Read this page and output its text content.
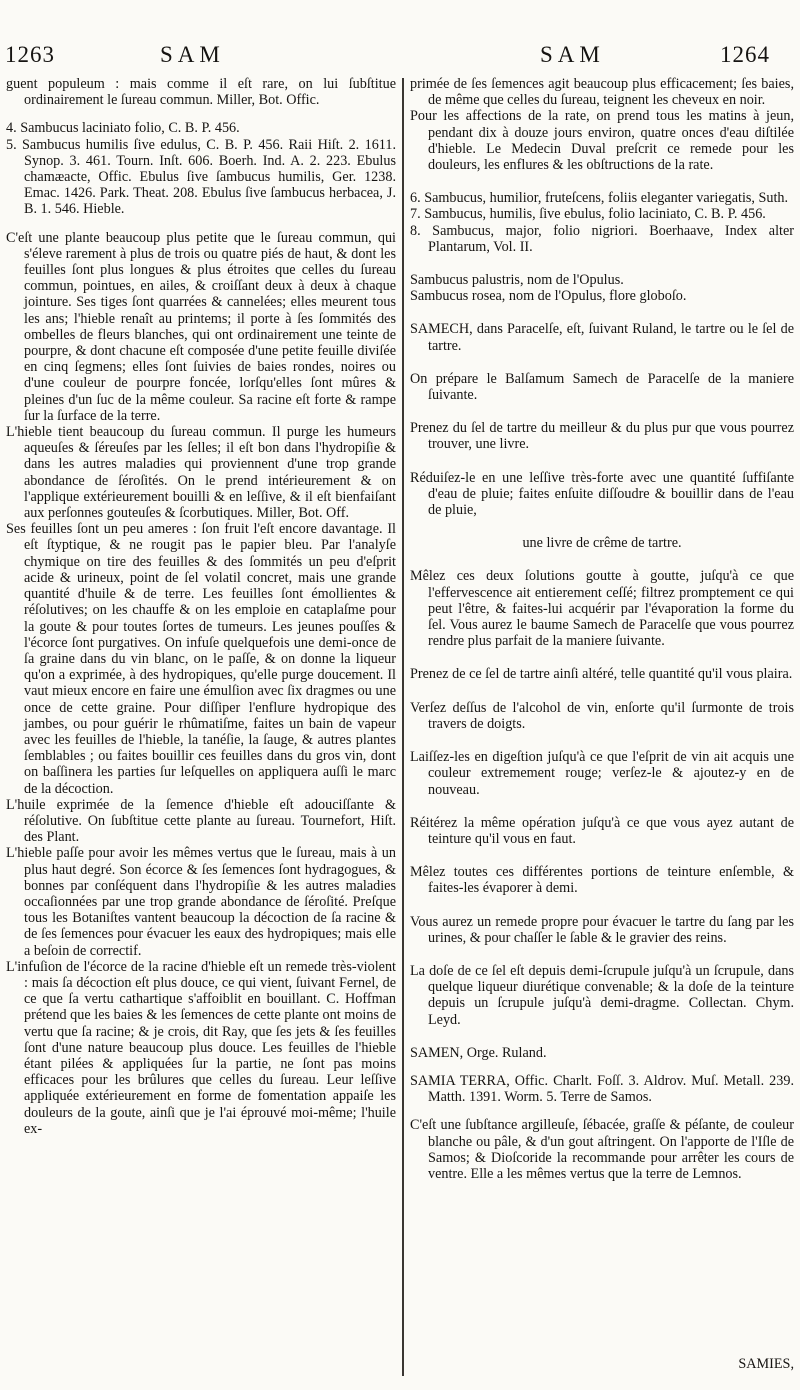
1263	SAM	SAM	1264

guent populeum : mais comme il eſt rare, on lui ſubſtitue ordinairement le ſureau commun. Miller, Bot. Offic.

4. Sambucus laciniato folio, C. B. P. 456.

5. Sambucus humilis ſive edulus, C. B. P. 456. Raii Hiſt. 2. 1611. Synop. 3. 461. Tourn. Inſt. 606. Boerh. Ind. A. 2. 223. Ebulus chamæacte, Offic. Ebulus ſive ſambucus humilis, Ger. 1238. Emac. 1426. Park. Theat. 208. Ebulus ſive ſambucus herbacea, J. B. 1. 546. Hieble.

C'eſt une plante beaucoup plus petite que le ſureau commun, qui s'éleve rarement à plus de trois ou quatre piés de haut, & dont les feuilles ſont plus longues & plus étroites que celles du ſureau commun, pointues, en ailes, & croiſſant deux à deux à chaque jointure. Ses tiges ſont quarrées & cannelées; elles meurent tous les ans; l'hieble renaît au printems; il porte à ſes ſommités des ombelles de fleurs blanches, qui ont ordinairement une teinte de pourpre, & dont chacune eſt composée d'une petite feuille diviſée en cinq ſegmens; elles ſont ſuivies de baies rondes, noires ou d'une couleur de pourpre foncée, lorſqu'elles ſont mûres & pleines d'un ſuc de la même couleur. Sa racine eſt forte & rampe ſur la ſurface de la terre.

L'hieble tient beaucoup du ſureau commun. Il purge les humeurs aqueuſes & ſéreuſes par les ſelles; il eſt bon dans l'hydropiſie & dans les autres maladies qui proviennent d'une trop grande abondance de ſéroſités. On le prend intérieurement & on l'applique extérieurement bouilli & en leſſive, & il eſt bienfaiſant aux perſonnes gouteuſes & ſcorbutiques. Miller, Bot. Off.

Ses feuilles ſont un peu ameres : ſon fruit l'eſt encore davantage. Il eſt ſtyptique, & ne rougit pas le papier bleu. Par l'analyſe chymique on tire des feuilles & des ſommités un peu d'eſprit acide & urineux, point de ſel volatil concret, mais une grande quantité d'huile & de terre. Les feuilles ſont émollientes & réſolutives; on les chauffe & on les emploie en cataplaſme pour la goute & pour toutes ſortes de tumeurs. Les jeunes pouſſes & l'écorce ſont purgatives. On infuſe quelquefois une demi-once de ſa graine dans du vin blanc, on le paſſe, & on donne la liqueur qu'on a exprimée, à des hydropiques, qu'elle purge doucement. Il vaut mieux encore en faire une émulſion avec ſix dragmes ou une once de cette graine. Pour diſſiper l'enflure hydropique des jambes, ou pour guérir le rhûmatiſme, faites un bain de vapeur avec les feuilles de l'hieble, la tanéſie, la ſauge, & autres plantes ſemblables ; ou faites bouillir ces feuilles dans du gros vin, dont on baſſinera les parties ſur leſquelles on appliquera auſſi le marc de la décoction.

L'huile exprimée de la ſemence d'hieble eſt adouciſſante & réſolutive. On ſubſtitue cette plante au ſureau. Tournefort, Hiſt. des Plant.

L'hieble paſſe pour avoir les mêmes vertus que le ſureau, mais à un plus haut degré. Son écorce & ſes ſemences ſont hydragogues, & bonnes par conſéquent dans l'hydropiſie & les autres maladies occaſionnées par une trop grande abondance de ſéroſité. Preſque tous les Botaniſtes vantent beaucoup la décoction de ſa racine & de ſes ſemences pour évacuer les eaux des hydropiques; mais elle a beſoin de correctif.

L'infuſion de l'écorce de la racine d'hieble eſt un remede très-violent : mais ſa décoction eſt plus douce, ce qui vient, ſuivant Fernel, de ce que ſa vertu cathartique s'affoiblit en bouillant. C. Hoffman prétend que les baies & les ſemences de cette plante ont moins de vertu que ſa racine; & je crois, dit Ray, que ſes jets & ſes feuilles ſont d'une nature beaucoup plus douce. Les feuilles de l'hieble étant pilées & appliquées ſur la partie, ne ſont pas moins efficaces pour les brûlures que celles du ſureau. Leur leſſive appliquée extérieurement en forme de fomentation appaiſe les douleurs de la goute, ainſi que je l'ai éprouvé moi-même; l'huile ex-

primée de ſes ſemences agit beaucoup plus efficacement; ſes baies, de même que celles du ſureau, teignent les cheveux en noir.

Pour les affections de la rate, on prend tous les matins à jeun, pendant dix à douze jours environ, quatre onces d'eau diſtilée d'hieble. Le Medecin Duval preſcrit ce remede pour les douleurs, les enflures & les obſtructions de la rate.

6. Sambucus, humilior, fruteſcens, foliis eleganter variegatis, Suth.

7. Sambucus, humilis, ſive ebulus, folio laciniato, C. B. P. 456.

8. Sambucus, major, folio nigriori. Boerhaave, Index alter Plantarum, Vol. II.

Sambucus palustris, nom de l'Opulus.

Sambucus rosea, nom de l'Opulus, flore globoſo.

SAMECH, dans Paracelſe, eſt, ſuivant Ruland, le tartre ou le ſel de tartre.

On prépare le Balſamum Samech de Paracelſe de la maniere ſuivante.

Prenez du ſel de tartre du meilleur & du plus pur que vous pourrez trouver, une livre.

Réduiſez-le en une leſſive très-forte avec une quantité ſuffiſante d'eau de pluie; faites enſuite diſſoudre & bouillir dans de l'eau de pluie,

une livre de crême de tartre.

Mêlez ces deux ſolutions goutte à goutte, juſqu'à ce que l'effervescence ait entierement ceſſé; filtrez promptement ce qui peut l'être, & faites-lui acquérir par l'évaporation la forme du ſel. Vous aurez le baume Samech de Paracelſe que vous pourrez rendre plus parfait de la maniere ſuivante.

Prenez de ce ſel de tartre ainſi altéré, telle quantité qu'il vous plaira.

Verſez deſſus de l'alcohol de vin, enſorte qu'il ſurmonte de trois travers de doigts.

Laiſſez-les en digeſtion juſqu'à ce que l'eſprit de vin ait acquis une couleur extremement rouge; verſez-le & ajoutez-y en de nouveau.

Réitérez la même opération juſqu'à ce que vous ayez autant de teinture qu'il vous en faut.

Mêlez toutes ces différentes portions de teinture enſemble, & faites-les évaporer à demi.

Vous aurez un remede propre pour évacuer le tartre du ſang par les urines, & pour chaſſer le ſable & le gravier des reins.

La doſe de ce ſel eſt depuis demi-ſcrupule juſqu'à un ſcrupule, dans quelque liqueur diurétique convenable; & la doſe de la teinture depuis un ſcrupule juſqu'à demi-dragme. Collectan. Chym. Leyd.

SAMEN, Orge. Ruland.

SAMIA TERRA, Offic. Charlt. Foſſ. 3. Aldrov. Muſ. Metall. 239. Matth. 1391. Worm. 5. Terre de Samos.

C'eſt une ſubſtance argilleuſe, ſébacée, graſſe & péſante, de couleur blanche ou pâle, & d'un gout aſtringent. On l'apporte de l'Iſle de Samos; & Dioſcoride la recommande pour arrêter les cours de ventre. Elle a les mêmes vertus que la terre de Lemnos.

SAMIES,
